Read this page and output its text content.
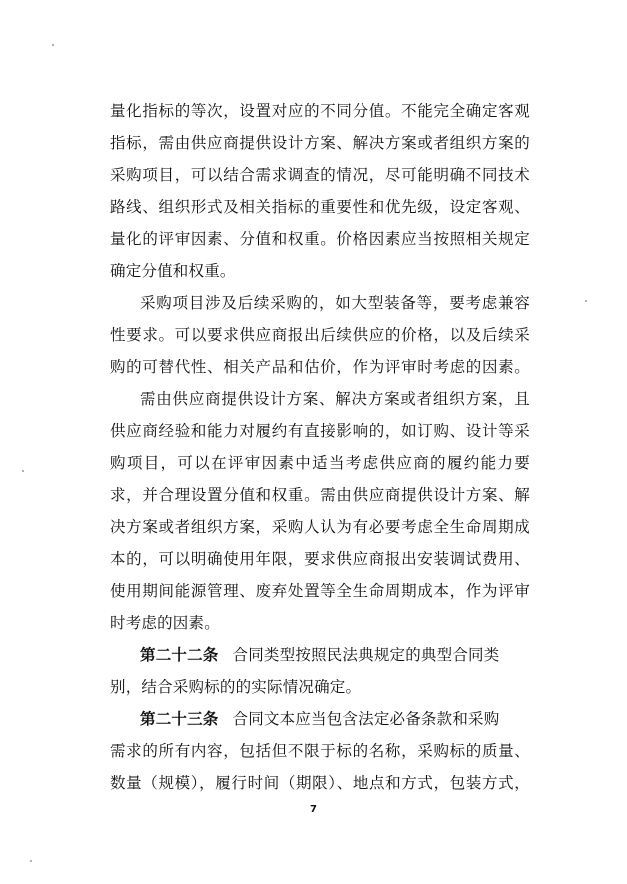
量化指标的等次，设置对应的不同分值。不能完全确定客观
指标，需由供应商提供设计方案、解决方案或者组织方案的
采购项目，可以结合需求调查的情况，尽可能明确不同技术
路线、组织形式及相关指标的重要性和优先级，设定客观、
量化的评审因素、分值和权重。价格因素应当按照相关规定
确定分值和权重。
采购项目涉及后续采购的，如大型装备等，要考虑兼容
性要求。可以要求供应商报出后续供应的价格，以及后续采
购的可替代性、相关产品和估价，作为评审时考虑的因素。
需由供应商提供设计方案、解决方案或者组织方案，且
供应商经验和能力对履约有直接影响的，如订购、设计等采
购项目，可以在评审因素中适当考虑供应商的履约能力要
求，并合理设置分值和权重。需由供应商提供设计方案、解
决方案或者组织方案，采购人认为有必要考虑全生命周期成
本的，可以明确使用年限，要求供应商报出安装调试费用、
使用期间能源管理、废弃处置等全生命周期成本，作为评审
时考虑的因素。
第二十二条 合同类型按照民法典规定的典型合同类
别，结合采购标的的实际情况确定。
第二十三条 合同文本应当包含法定必备条款和采购
需求的所有内容，包括但不限于标的名称，采购标的质量、
数量（规模），履行时间（期限）、地点和方式，包装方式，
7
